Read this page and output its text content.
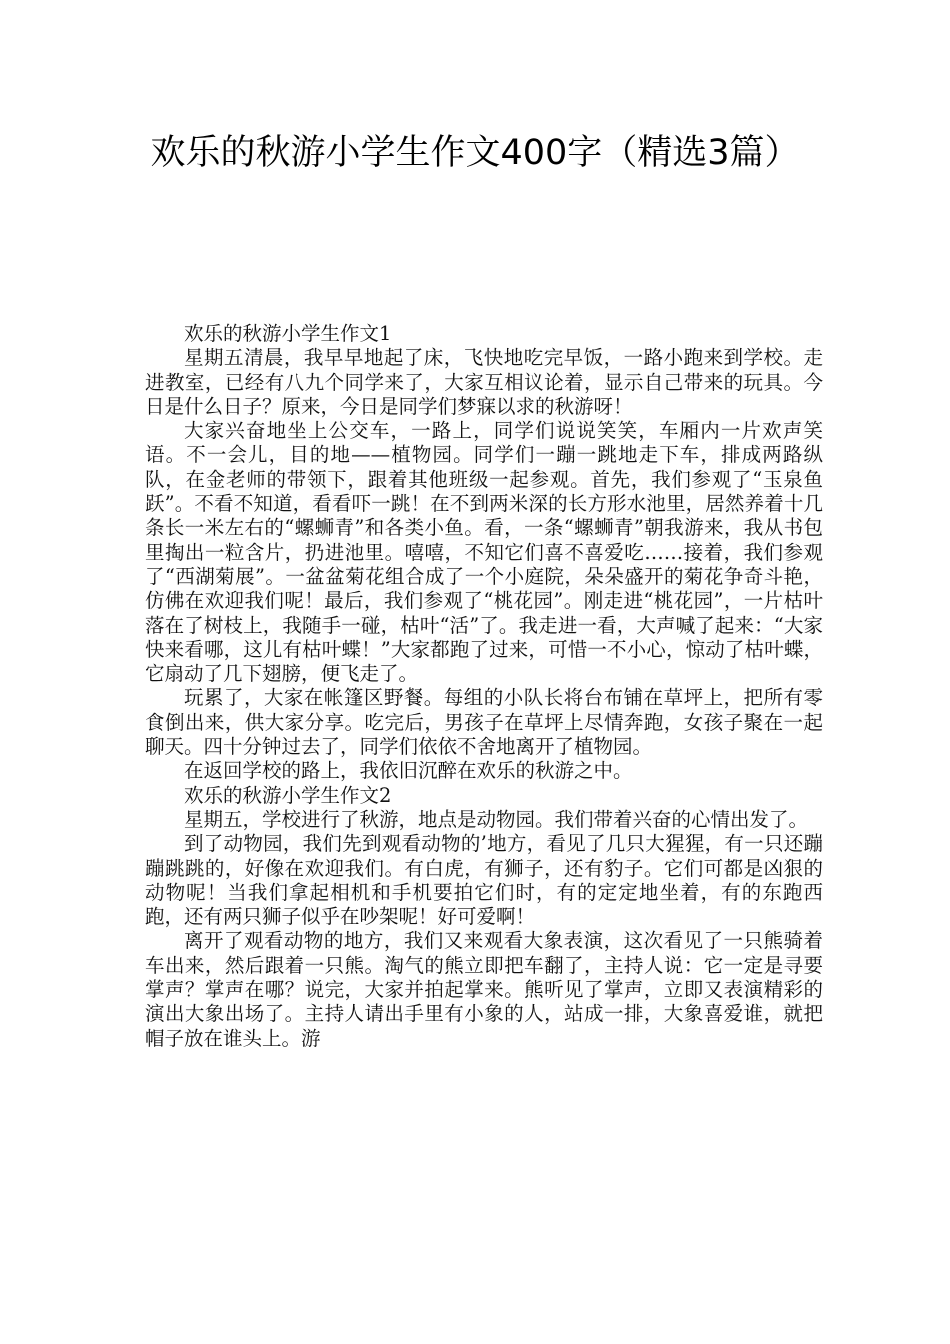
欢乐的秋游小学生作文400字（精选3篇）

欢乐的秋游小学生作文1

星期五清晨，我早早地起了床，飞快地吃完早饭，一路小跑来到学校。走进教室，已经有八九个同学来了，大家互相议论着，显示自己带来的玩具。今日是什么日子？原来，今日是同学们梦寐以求的秋游呀！

大家兴奋地坐上公交车，一路上，同学们说说笑笑，车厢内一片欢声笑语。不一会儿，目的地——植物园。同学们一蹦一跳地走下车，排成两路纵队，在金老师的带领下，跟着其他班级一起参观。首先，我们参观了“玉泉鱼跃”。不看不知道，看看吓一跳！在不到两米深的长方形水池里，居然养着十几条长一米左右的“螺蛳青”和各类小鱼。看，一条“螺蛳青”朝我游来，我从书包里掏出一粒含片，扔进池里。嘻嘻，不知它们喜不喜爱吃……接着，我们参观了“西湖菊展”。一盆盆菊花组合成了一个小庭院，朵朵盛开的菊花争奇斗艳，仿佛在欢迎我们呢！最后，我们参观了“桃花园”。刚走进“桃花园”，一片枯叶落在了树枝上，我随手一碰，枯叶“活”了。我走进一看，大声喊了起来：“大家快来看哪，这儿有枯叶蝶！”大家都跑了过来，可惜一不小心，惊动了枯叶蝶，它扇动了几下翅膀，便飞走了。

玩累了，大家在帐篷区野餐。每组的小队长将台布铺在草坪上，把所有零食倒出来，供大家分享。吃完后，男孩子在草坪上尽情奔跑，女孩子聚在一起聊天。四十分钟过去了，同学们依依不舍地离开了植物园。

在返回学校的路上，我依旧沉醉在欢乐的秋游之中。

欢乐的秋游小学生作文2

星期五，学校进行了秋游，地点是动物园。我们带着兴奋的心情出发了。

到了动物园，我们先到观看动物的’地方，看见了几只大猩猩，有一只还蹦蹦跳跳的，好像在欢迎我们。有白虎，有狮子，还有豹子。它们可都是凶狠的动物呢！当我们拿起相机和手机要拍它们时，有的定定地坐着，有的东跑西跑，还有两只狮子似乎在吵架呢！好可爱啊！

离开了观看动物的地方，我们又来观看大象表演，这次看见了一只熊骑着车出来，然后跟着一只熊。淘气的熊立即把车翻了，主持人说：它一定是寻要掌声？掌声在哪？说完，大家并拍起掌来。熊听见了掌声，立即又表演精彩的演出大象出场了。主持人请出手里有小象的人，站成一排，大象喜爱谁，就把帽子放在谁头上。游
